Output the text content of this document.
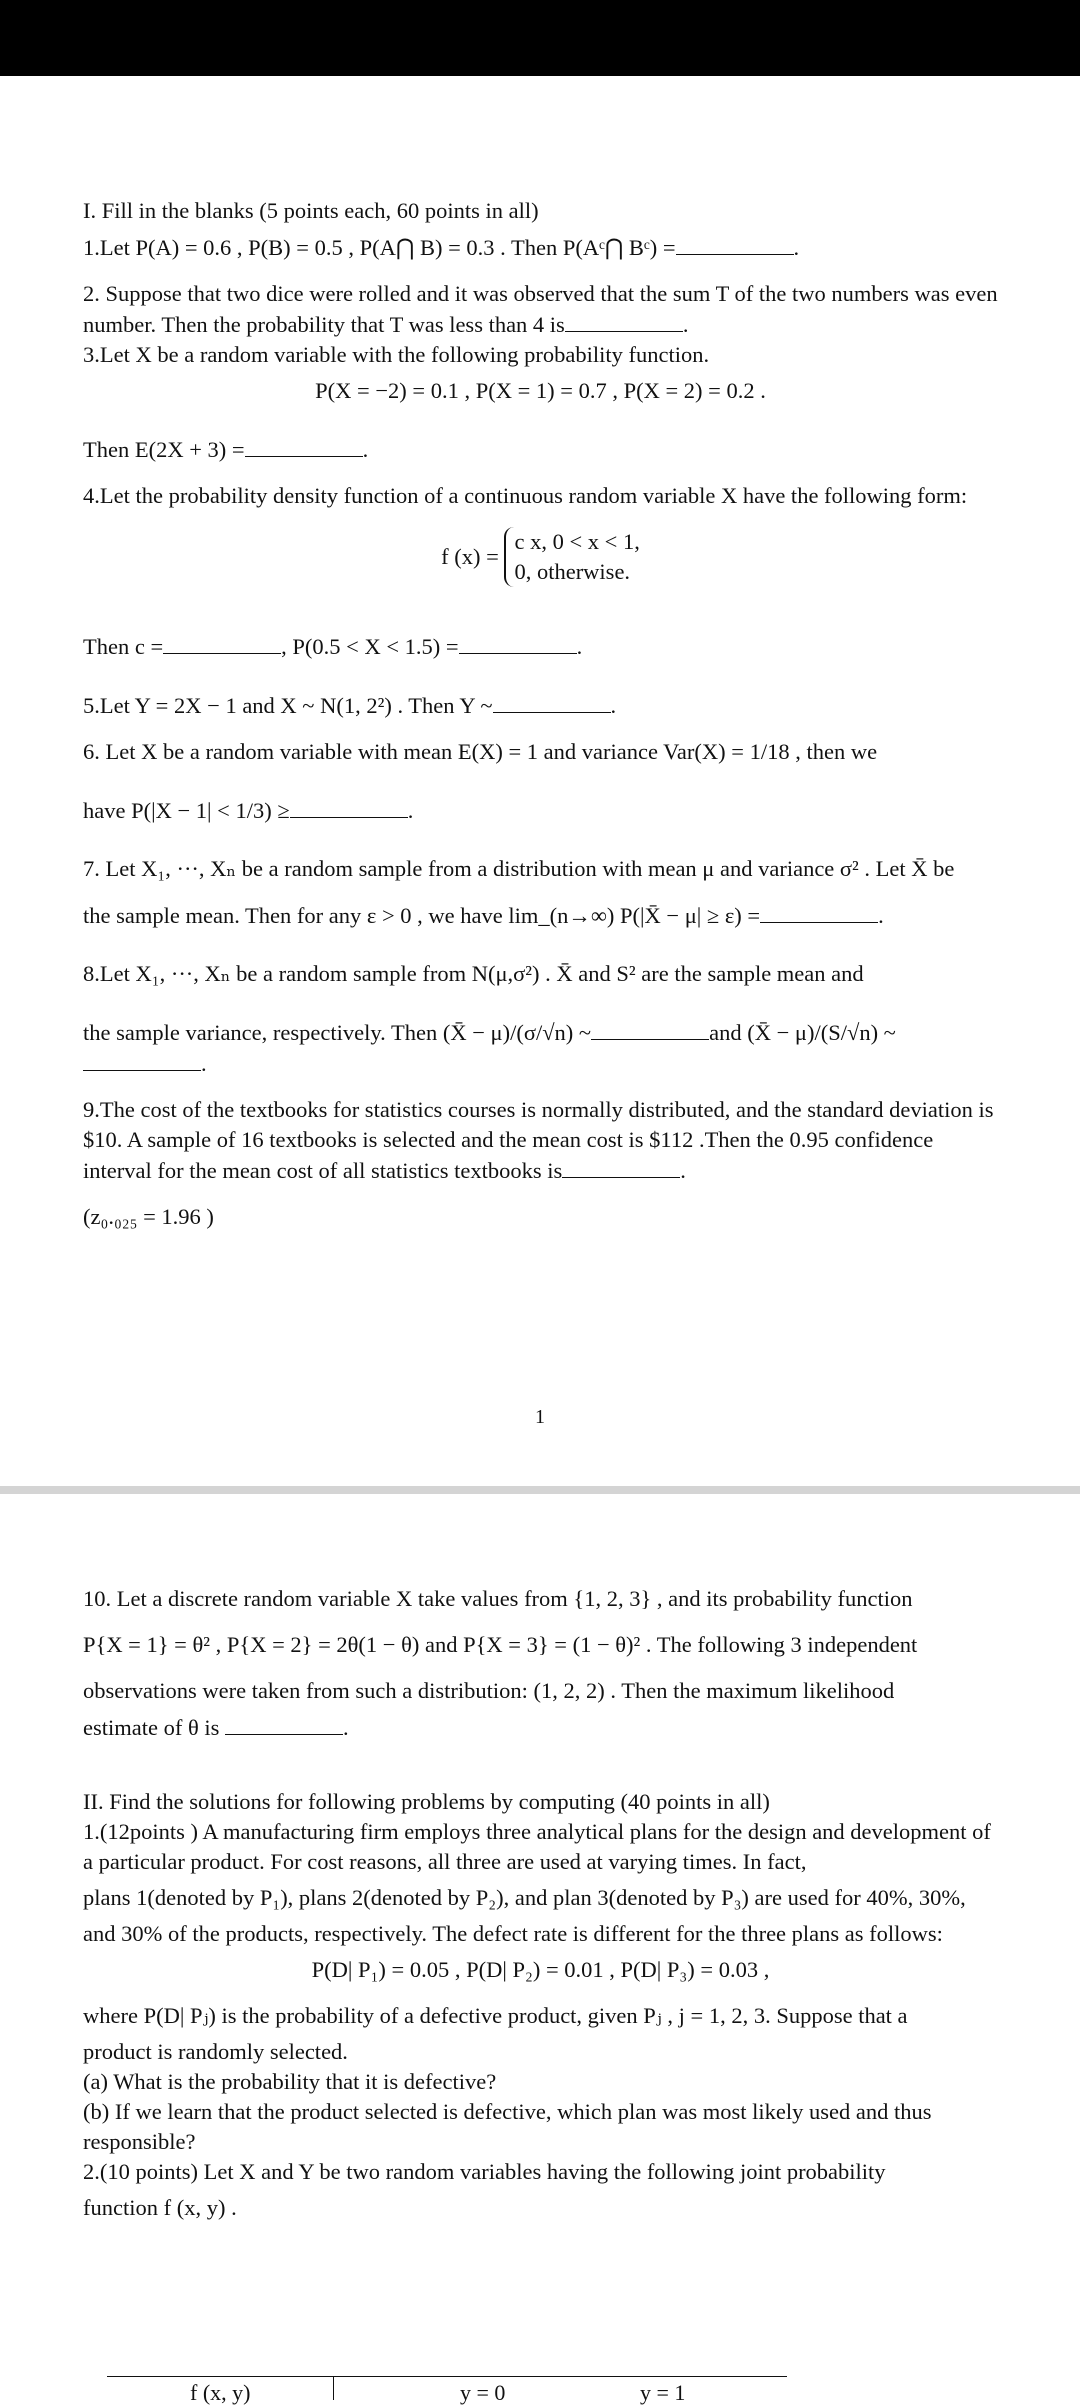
I. Fill in the blanks (5 points each, 60 points in all)

1.Let P(A) = 0.6 , P(B) = 0.5 , P(A⋂ B) = 0.3 . Then P(Aᶜ⋂ Bᶜ) =	.

2. Suppose that two dice were rolled and it was observed that the sum T of the two numbers was even number. Then the probability that T was less than 4 is	.

3.Let X be a random variable with the following probability function.

P(X = −2) = 0.1 , P(X = 1) = 0.7 , P(X = 2) = 0.2 .

Then E(2X + 3) =	.

4.Let the probability density function of a continuous random variable X have the following form:

f (x) =
c x, 0 < x < 1,
0, otherwise.

Then c =	, P(0.5 < X < 1.5) =	.

5.Let Y = 2X − 1 and X ~ N(1, 2²) . Then Y ~	.

6. Let X be a random variable with mean E(X) = 1 and variance Var(X) = 1/18 , then we

have P(|X − 1| < 1/3) ≥	.

7. Let X₁, ···, Xₙ be a random sample from a distribution with mean μ and variance σ² . Let X̄ be

the sample mean. Then for any ε > 0 , we have lim_(n→∞) P(|X̄ − μ| ≥ ε) =	.

8.Let X₁, ···, Xₙ be a random sample from N(μ,σ²) . X̄ and S² are the sample mean and

the sample variance, respectively. Then (X̄ − μ)/(σ/√n) ~	and (X̄ − μ)/(S/√n) ~.

9.The cost of the textbooks for statistics courses is normally distributed, and the standard deviation is $10. A sample of 16 textbooks is selected and the mean cost is $112 .Then the 0.95 confidence interval for the mean cost of all statistics textbooks is	.

(z₀.₀₂₅ = 1.96 )

1

10. Let a discrete random variable X take values from {1, 2, 3} , and its probability function

P{X = 1} = θ² , P{X = 2} = 2θ(1 − θ) and P{X = 3} = (1 − θ)² . The following 3 independent

observations were taken from such a distribution: (1, 2, 2) . Then the maximum likelihood

estimate of θ is	.

II. Find the solutions for following problems by computing (40 points in all)

1.(12points ) A manufacturing firm employs three analytical plans for the design and development of a particular product. For cost reasons, all three are used at varying times. In fact,

plans 1(denoted by P₁), plans 2(denoted by P₂), and plan 3(denoted by P₃) are used for 40%, 30%,

and 30% of the products, respectively. The defect rate is different for the three plans as follows:

P(D| P₁) = 0.05 , P(D| P₂) = 0.01 , P(D| P₃) = 0.03 ,

where P(D| Pⱼ) is the probability of a defective product, given Pⱼ , j = 1, 2, 3. Suppose that a

product is randomly selected.

(a) What is the probability that it is defective?

(b) If we learn that the product selected is defective, which plan was most likely used and thus responsible?

2.(10 points) Let X and Y be two random variables having the following joint probability

function f (x, y) .

f (x, y)	y = 0	y = 1
